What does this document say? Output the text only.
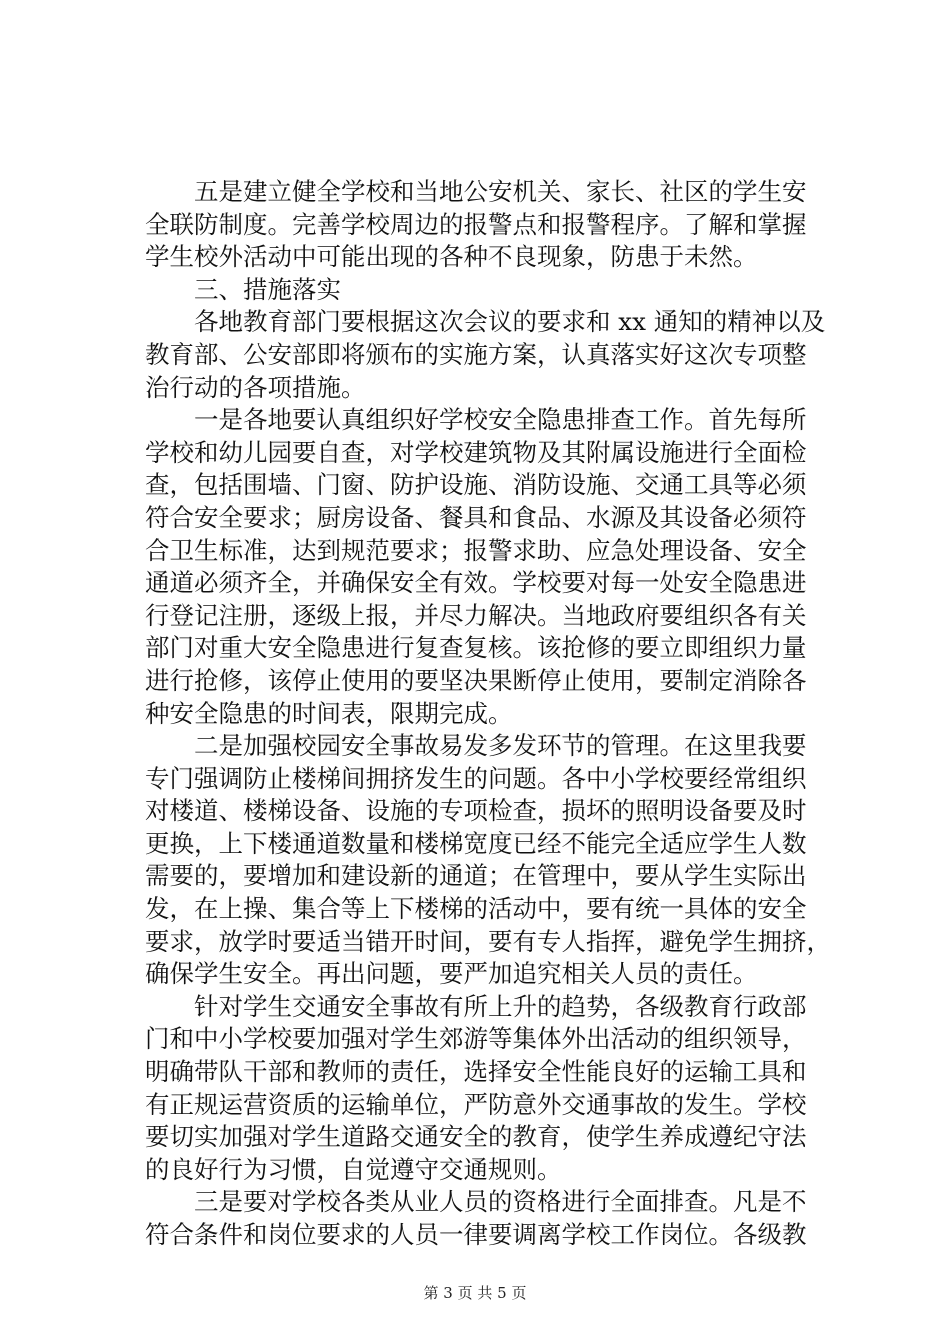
　　五是建立健全学校和当地公安机关、家长、社区的学生安
全联防制度。完善学校周边的报警点和报警程序。了解和掌握
学生校外活动中可能出现的各种不良现象，防患于未然。
　　三、措施落实
　　各地教育部门要根据这次会议的要求和 xx 通知的精神以及
教育部、公安部即将颁布的实施方案，认真落实好这次专项整
治行动的各项措施。
　　一是各地要认真组织好学校安全隐患排查工作。首先每所
学校和幼儿园要自查，对学校建筑物及其附属设施进行全面检
查，包括围墙、门窗、防护设施、消防设施、交通工具等必须
符合安全要求；厨房设备、餐具和食品、水源及其设备必须符
合卫生标准，达到规范要求；报警求助、应急处理设备、安全
通道必须齐全，并确保安全有效。学校要对每一处安全隐患进
行登记注册，逐级上报，并尽力解决。当地政府要组织各有关
部门对重大安全隐患进行复查复核。该抢修的要立即组织力量
进行抢修，该停止使用的要坚决果断停止使用，要制定消除各
种安全隐患的时间表，限期完成。
　　二是加强校园安全事故易发多发环节的管理。在这里我要
专门强调防止楼梯间拥挤发生的问题。各中小学校要经常组织
对楼道、楼梯设备、设施的专项检查，损坏的照明设备要及时
更换，上下楼通道数量和楼梯宽度已经不能完全适应学生人数
需要的，要增加和建设新的通道；在管理中，要从学生实际出
发，在上操、集合等上下楼梯的活动中，要有统一具体的安全
要求，放学时要适当错开时间，要有专人指挥，避免学生拥挤，
确保学生安全。再出问题，要严加追究相关人员的责任。
　　针对学生交通安全事故有所上升的趋势，各级教育行政部
门和中小学校要加强对学生郊游等集体外出活动的组织领导，
明确带队干部和教师的责任，选择安全性能良好的运输工具和
有正规运营资质的运输单位，严防意外交通事故的发生。学校
要切实加强对学生道路交通安全的教育，使学生养成遵纪守法
的良好行为习惯，自觉遵守交通规则。
　　三是要对学校各类从业人员的资格进行全面排查。凡是不
符合条件和岗位要求的人员一律要调离学校工作岗位。各级教
第 3 页 共 5 页
